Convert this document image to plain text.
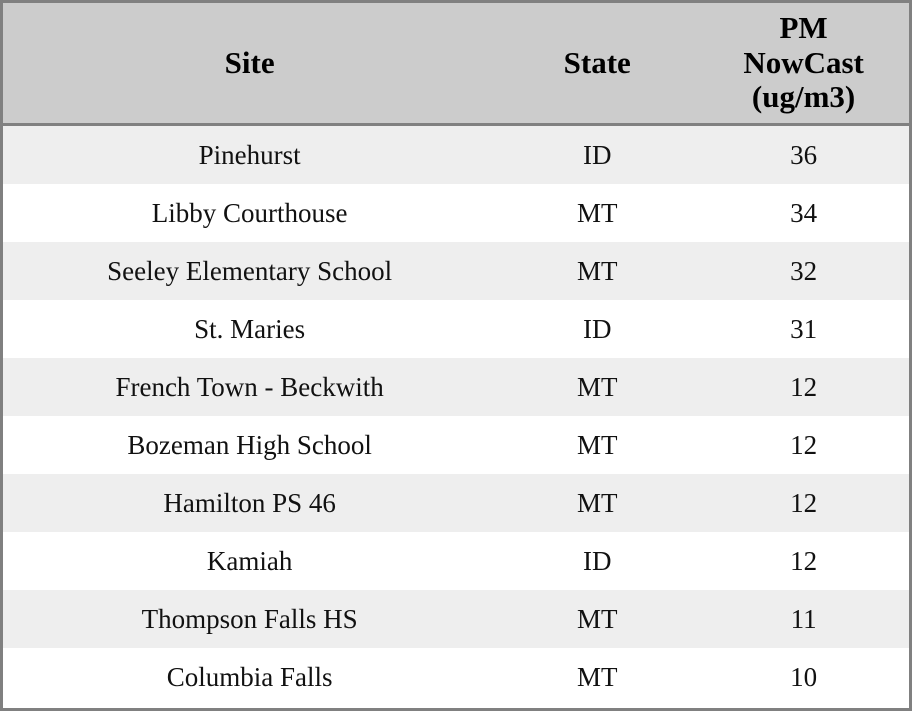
Site	State	PM
NowCast
(ug/m3)

Pinehurst	ID	36
Libby Courthouse	MT	34
Seeley Elementary School	MT	32
St. Maries	ID	31
French Town - Beckwith	MT	12
Bozeman High School	MT	12
Hamilton PS 46	MT	12
Kamiah	ID	12
Thompson Falls HS	MT	11
Columbia Falls	MT	10
